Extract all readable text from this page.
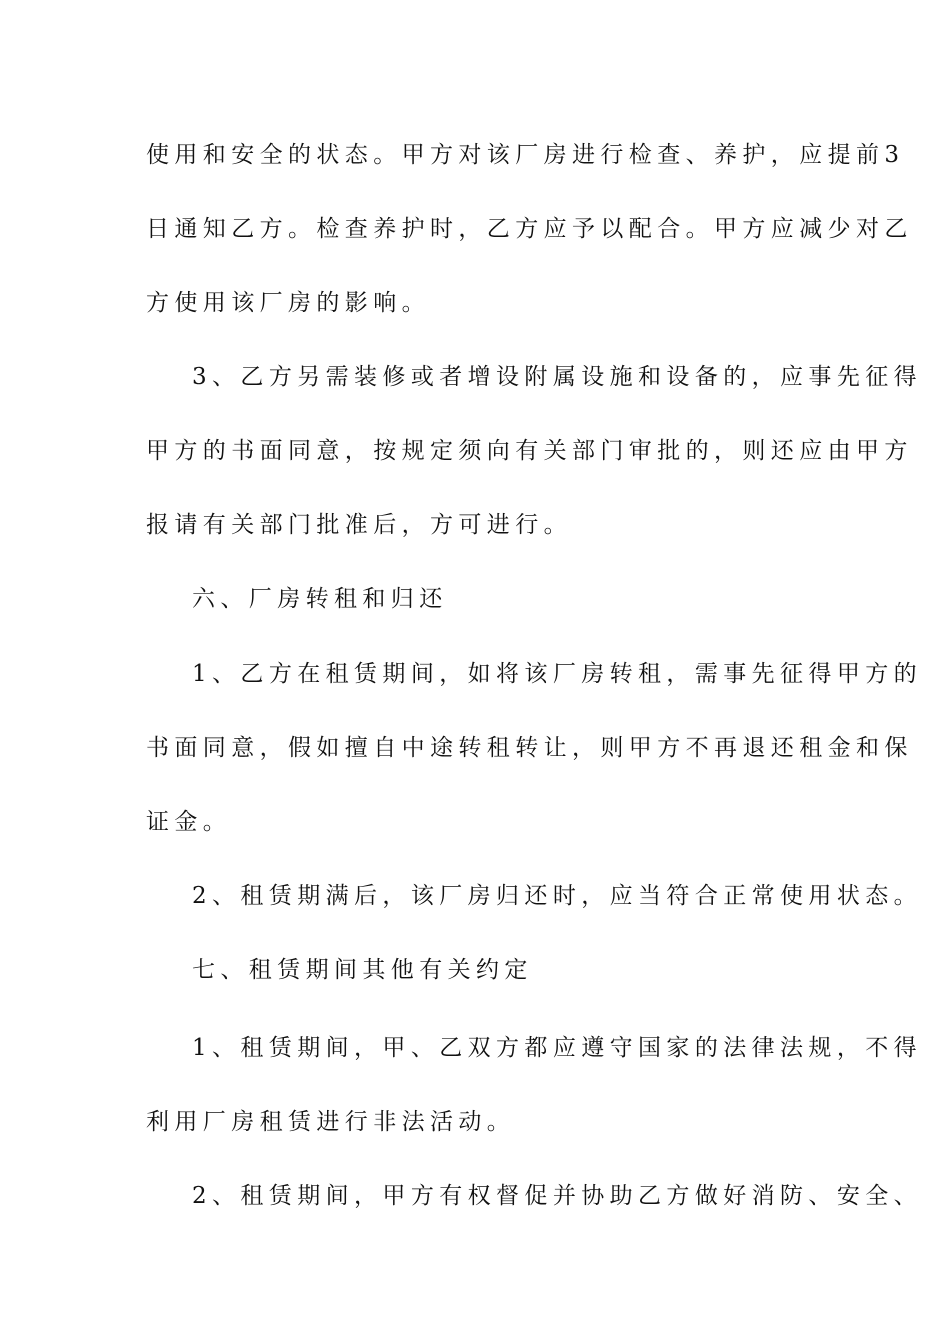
使用和安全的状态。甲方对该厂房进行检查、养护，应提前3
日通知乙方。检查养护时，乙方应予以配合。甲方应减少对乙
方使用该厂房的影响。
3、乙方另需装修或者增设附属设施和设备的，应事先征得
甲方的书面同意，按规定须向有关部门审批的，则还应由甲方
报请有关部门批准后，方可进行。
六、厂房转租和归还
1、乙方在租赁期间，如将该厂房转租，需事先征得甲方的
书面同意，假如擅自中途转租转让，则甲方不再退还租金和保
证金。
2、租赁期满后，该厂房归还时，应当符合正常使用状态。
七、租赁期间其他有关约定
1、租赁期间，甲、乙双方都应遵守国家的法律法规，不得
利用厂房租赁进行非法活动。
2、租赁期间，甲方有权督促并协助乙方做好消防、安全、
